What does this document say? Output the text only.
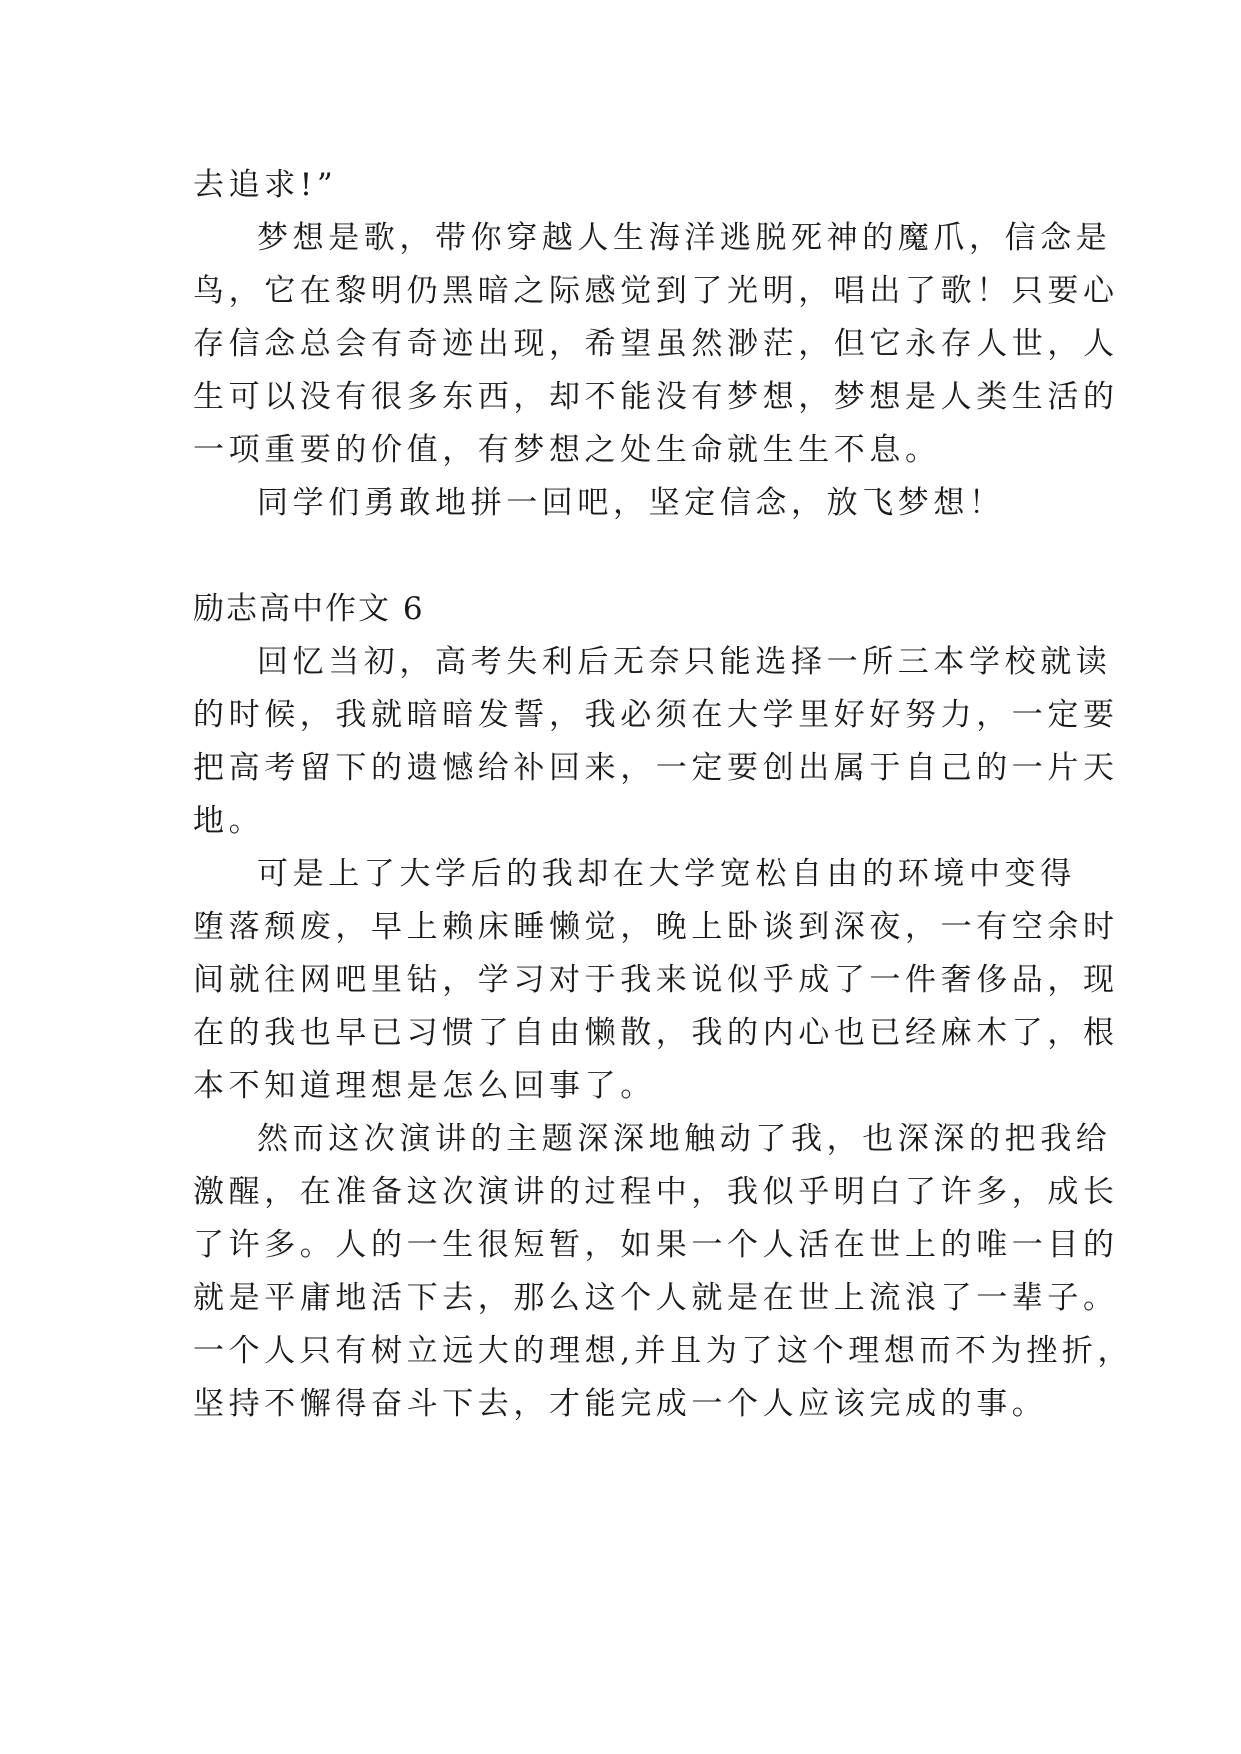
去追求!”
梦想是歌，带你穿越人生海洋逃脱死神的魔爪，信念是
鸟，它在黎明仍黑暗之际感觉到了光明，唱出了歌！只要心
存信念总会有奇迹出现，希望虽然渺茫，但它永存人世，人
生可以没有很多东西，却不能没有梦想，梦想是人类生活的
一项重要的价值，有梦想之处生命就生生不息。
同学们勇敢地拼一回吧，坚定信念，放飞梦想！
励志高中作文 6
回忆当初，高考失利后无奈只能选择一所三本学校就读
的时候，我就暗暗发誓，我必须在大学里好好努力，一定要
把高考留下的遗憾给补回来，一定要创出属于自己的一片天
地。
可是上了大学后的我却在大学宽松自由的环境中变得
堕落颓废，早上赖床睡懒觉，晚上卧谈到深夜，一有空余时
间就往网吧里钻，学习对于我来说似乎成了一件奢侈品，现
在的我也早已习惯了自由懒散，我的内心也已经麻木了，根
本不知道理想是怎么回事了。
然而这次演讲的主题深深地触动了我，也深深的把我给
激醒，在准备这次演讲的过程中，我似乎明白了许多，成长
了许多。人的一生很短暂，如果一个人活在世上的唯一目的
就是平庸地活下去，那么这个人就是在世上流浪了一辈子。
一个人只有树立远大的理想,并且为了这个理想而不为挫折，
坚持不懈得奋斗下去，才能完成一个人应该完成的事。
